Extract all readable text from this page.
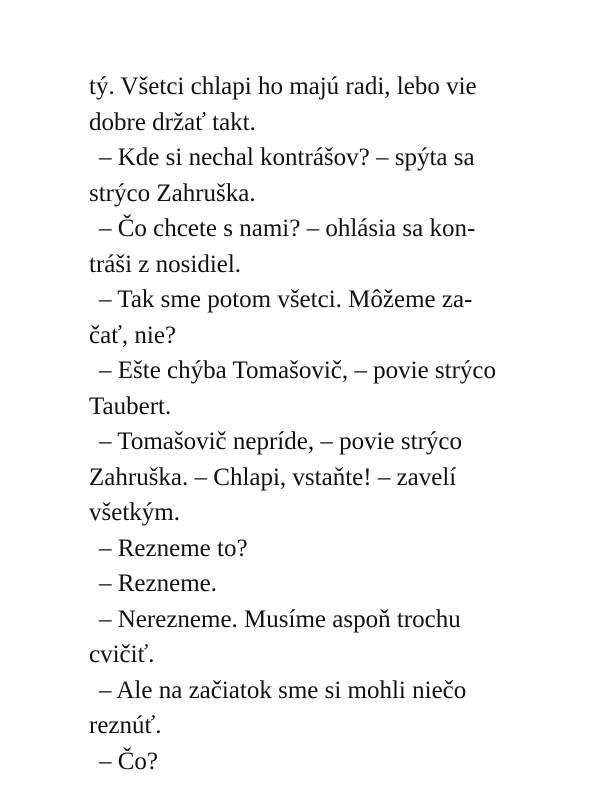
tý. Všetci chlapi ho majú radi, lebo vie
dobre držať takt.
– Kde si nechal kontrášov? – spýta sa
strýco Zahruška.
– Čo chcete s nami? – ohlásia sa kon-
tráši z nosidiel.
– Tak sme potom všetci. Môžeme za-
čať, nie?
– Ešte chýba Tomašovič, – povie strýco
Taubert.
– Tomašovič nepríde, – povie strýco
Zahruška. – Chlapi, vstaňte! – zavelí
všetkým.
– Rezneme to?
– Rezneme.
– Nerezneme. Musíme aspoň trochu
cvičiť.
– Ale na začiatok sme si mohli niečo
reznúť.
– Čo?
